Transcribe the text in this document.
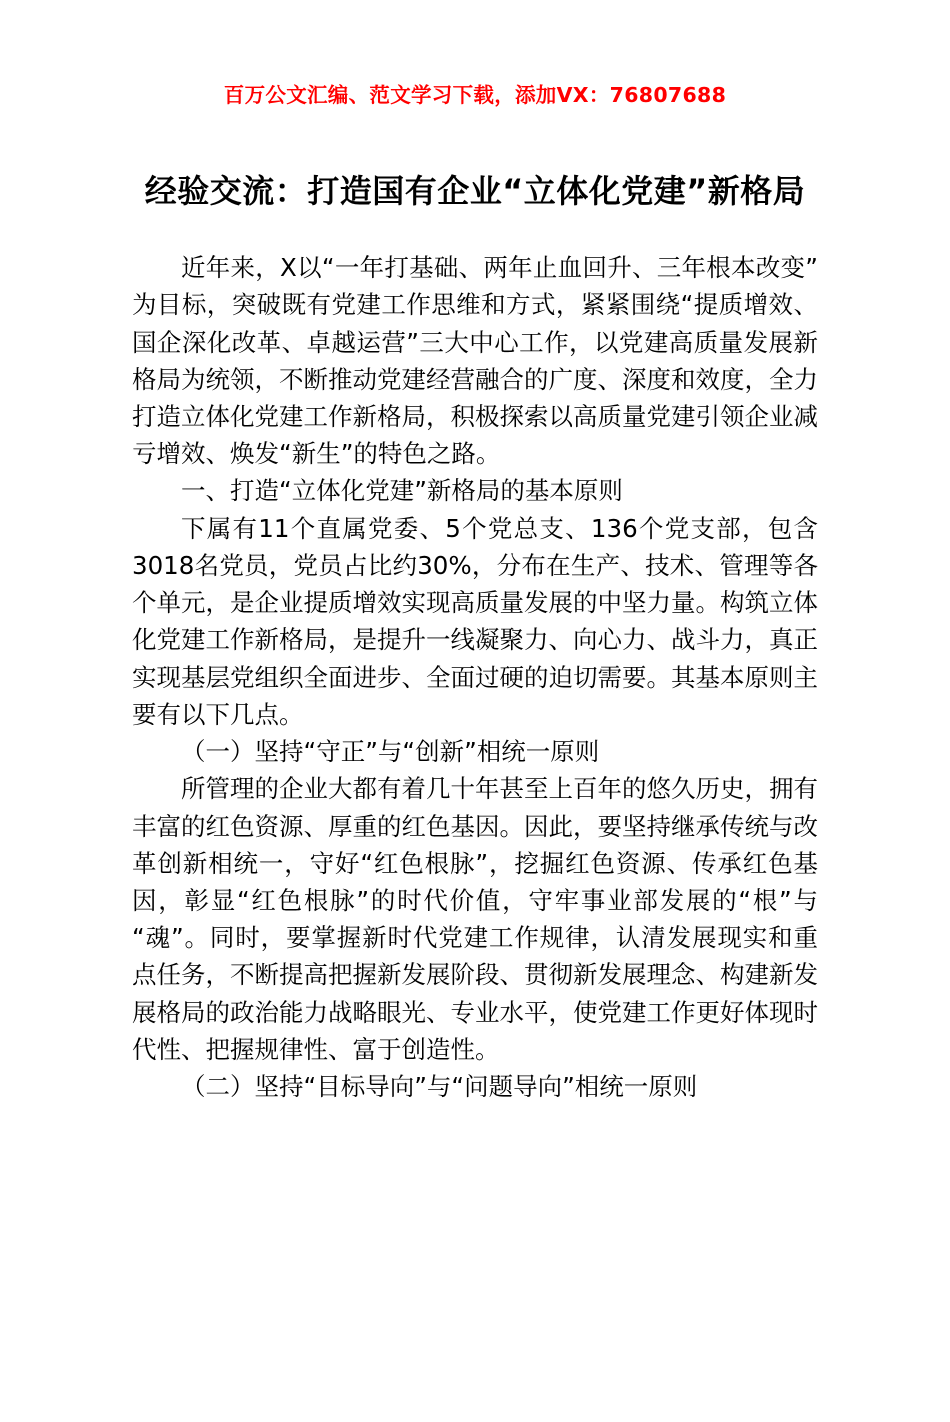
百万公文汇编、范文学习下载，添加VX：76807688
经验交流：打造国有企业“立体化党建”新格局

近年来，X以“一年打基础、两年止血回升、三年根本改变”为目标，突破既有党建工作思维和方式，紧紧围绕“提质增效、国企深化改革、卓越运营”三大中心工作，以党建高质量发展新格局为统领，不断推动党建经营融合的广度、深度和效度，全力打造立体化党建工作新格局，积极探索以高质量党建引领企业减亏增效、焕发“新生”的特色之路。

一、打造“立体化党建”新格局的基本原则

下属有11个直属党委、5个党总支、136个党支部，包含3018名党员，党员占比约30%，分布在生产、技术、管理等各个单元，是企业提质增效实现高质量发展的中坚力量。构筑立体化党建工作新格局，是提升一线凝聚力、向心力、战斗力，真正实现基层党组织全面进步、全面过硬的迫切需要。其基本原则主要有以下几点。

（一）坚持“守正”与“创新”相统一原则

所管理的企业大都有着几十年甚至上百年的悠久历史，拥有丰富的红色资源、厚重的红色基因。因此，要坚持继承传统与改革创新相统一，守好“红色根脉”，挖掘红色资源、传承红色基因，彰显“红色根脉”的时代价值，守牢事业部发展的“根”与“魂”。同时，要掌握新时代党建工作规律，认清发展现实和重点任务，不断提高把握新发展阶段、贯彻新发展理念、构建新发展格局的政治能力战略眼光、专业水平，使党建工作更好体现时代性、把握规律性、富于创造性。

（二）坚持“目标导向”与“问题导向”相统一原则
